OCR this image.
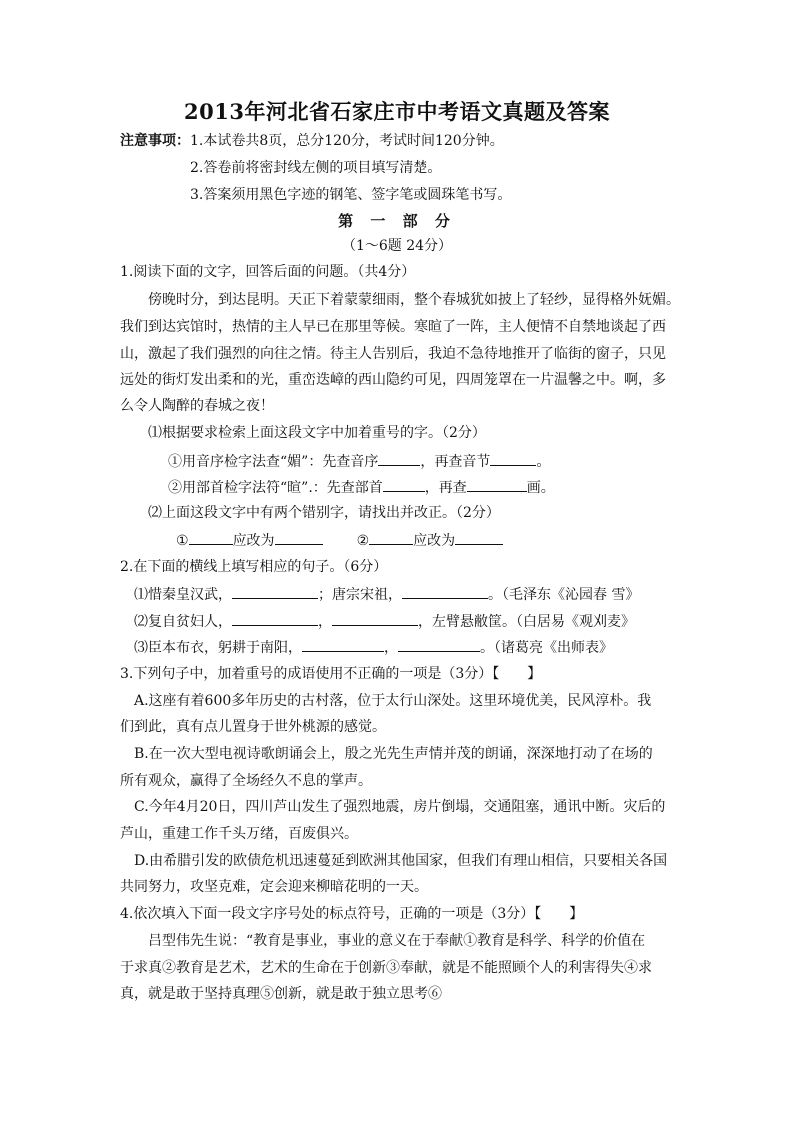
2013年河北省石家庄市中考语文真题及答案
注意事项：1.本试卷共8页，总分120分，考试时间120分钟。
2.答卷前将密封线左侧的项目填写清楚。
3.答案须用黑色字迹的钢笔、签字笔或圆珠笔书写。
第 一 部 分
（1～6题 24分）
1.阅读下面的文字，回答后面的问题。（共4分）
傍晚时分，到达昆明。天正下着蒙蒙细雨，整个春城犹如披上了轻纱，显得格外妩媚。
我们到达宾馆时，热情的主人早已在那里等候。寒暄了一阵，主人便情不自禁地谈起了西
山，激起了我们强烈的向往之情。待主人告别后，我迫不急待地推开了临街的窗子，只见
远处的街灯发出柔和的光，重峦迭嶂的西山隐约可见，四周笼罩在一片温馨之中。啊，多
么令人陶醉的春城之夜！
⑴根据要求检索上面这段文字中加着重号的字。（2分）
①用音序检字法查“媚”：先查音序	，再查音节	。
②用部首检字法符“暄”.：先查部首	，再查	画。
⑵上面这段文字中有两个错别字，请找出并改正。（2分）
①	应改为	②	应改为
2.在下面的横线上填写相应的句子。（6分）
⑴惜秦皇汉武，	；唐宗宋祖，	。（毛泽东《沁园春 雪》
⑵复自贫妇人，	，	，左臂悬敝筐。（白居易《观刈麦》
⑶臣本布衣，躬耕于南阳，	，	。（诸葛亮《出师表》
3.下列句子中，加着重号的成语使用不正确的一项是（3分）【　　】
A.这座有着600多年历史的古村落，位于太行山深处。这里环境优美，民风淳朴。我
们到此，真有点儿置身于世外桃源的感觉。
B.在一次大型电视诗歌朗诵会上，殷之光先生声情并茂的朗诵，深深地打动了在场的
所有观众，赢得了全场经久不息的掌声。
C.今年4月20日，四川芦山发生了强烈地震，房片倒塌，交通阻塞，通讯中断。灾后的
芦山，重建工作千头万绪，百废俱兴。
D.由希腊引发的欧债危机迅速蔓延到欧洲其他国家，但我们有理山相信，只要相关各国
共同努力，攻坚克难，定会迎来柳暗花明的一天。
4.依次填入下面一段文字序号处的标点符号，正确的一项是（3分）【　　】
吕型伟先生说：“教育是事业，事业的意义在于奉献①教育是科学、科学的价值在
于求真②教育是艺术，艺术的生命在于创新③奉献，就是不能照顾个人的利害得失④求
真，就是敢于坚持真理⑤创新，就是敢于独立思考⑥
